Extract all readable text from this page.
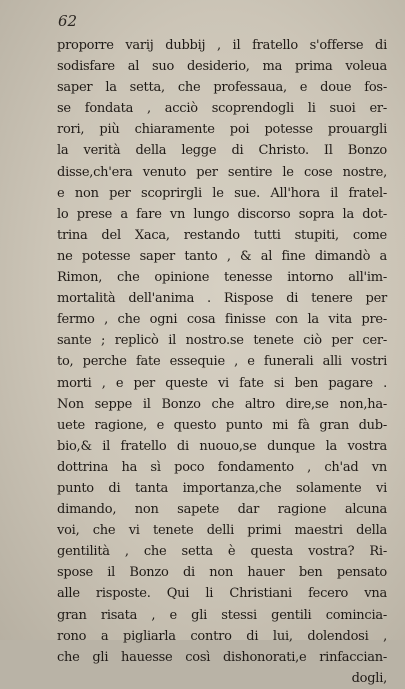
62
proporre varij dubbij , il fratello s'offerse di
sodisfare al suo desiderio, ma prima voleua
saper la setta, che professaua, e doue fos-
se fondata , acciò scoprendogli li suoi er-
rori, più chiaramente poi potesse prouargli
la verità della legge di Christo. Il Bonzo
disse,ch'era venuto per sentire le cose nostre,
e non per scoprirgli le sue. All'hora il fratel-
lo prese a fare vn lungo discorso sopra la dot-
trina del Xaca, restando tutti stupiti, come
ne potesse saper tanto , & al fine dimandò a
Rimon, che opinione tenesse intorno all'im-
mortalità dell'anima . Rispose di tenere per
fermo , che ogni cosa finisse con la vita pre-
sante ; replicò il nostro.se tenete ciò per cer-
to, perche fate essequie , e funerali alli vostri
morti , e per queste vi fate si ben pagare .
Non seppe il Bonzo che altro dire,se non,ha-
uete ragione, e questo punto mi fà gran dub-
bio,& il fratello di nuouo,se dunque la vostra
dottrina ha sì poco fondamento , ch'ad vn
punto di tanta importanza,che solamente vi
dimando, non sapete dar ragione alcuna
voi, che vi tenete delli primi maestri della
gentilità , che setta è questa vostra? Ri-
spose il Bonzo di non hauer ben pensato
alle risposte. Qui li Christiani fecero vna
gran risata , e gli stessi gentili comincia-
rono a pigliarla contro di lui, dolendosi ,
che gli hauesse così dishonorati,e rinfaccian-
dogli,
